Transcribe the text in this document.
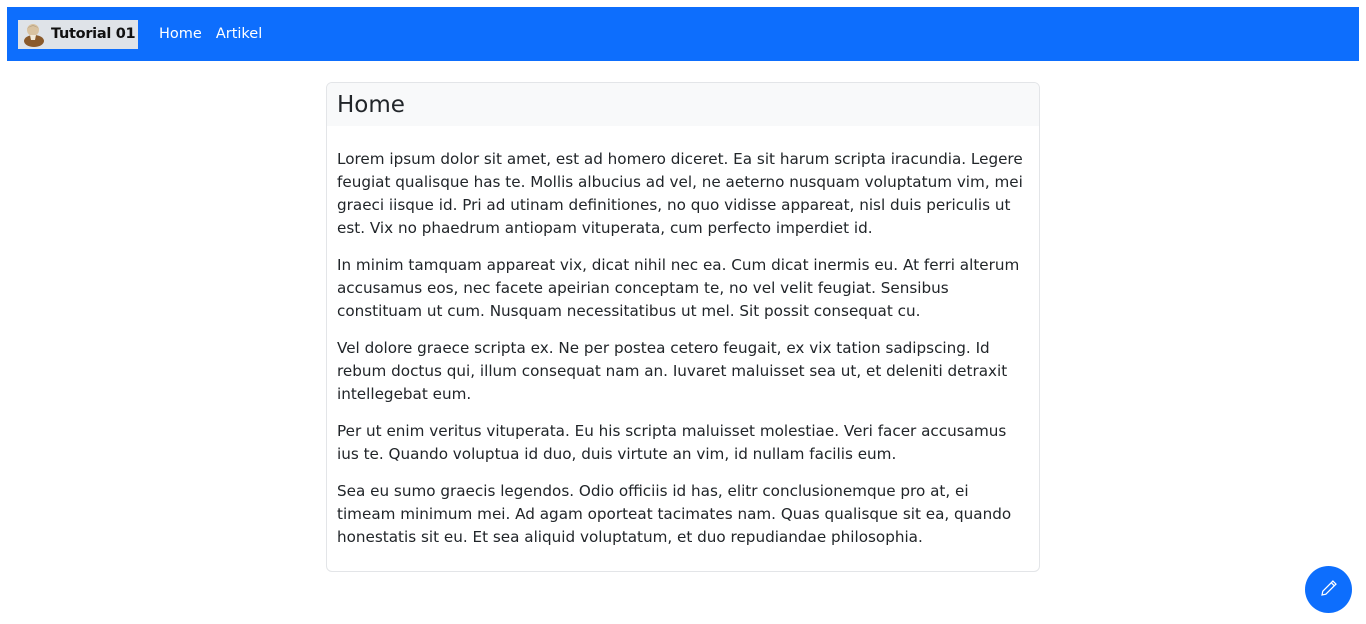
Tutorial 01 Home Artikel
Home

Lorem ipsum dolor sit amet, est ad homero diceret. Ea sit harum scripta iracundia. Legere feugiat qualisque has te. Mollis albucius ad vel, ne aeterno nusquam voluptatum vim, mei graeci iisque id. Pri ad utinam definitiones, no quo vidisse appareat, nisl duis periculis ut est. Vix no phaedrum antiopam vituperata, cum perfecto imperdiet id.

In minim tamquam appareat vix, dicat nihil nec ea. Cum dicat inermis eu. At ferri alterum accusamus eos, nec facete apeirian conceptam te, no vel velit feugiat. Sensibus constituam ut cum. Nusquam necessitatibus ut mel. Sit possit consequat cu.

Vel dolore graece scripta ex. Ne per postea cetero feugait, ex vix tation sadipscing. Id rebum doctus qui, illum consequat nam an. Iuvaret maluisset sea ut, et deleniti detraxit intellegebat eum.

Per ut enim veritus vituperata. Eu his scripta maluisset molestiae. Veri facer accusamus ius te. Quando voluptua id duo, duis virtute an vim, id nullam facilis eum.

Sea eu sumo graecis legendos. Odio officiis id has, elitr conclusionemque pro at, ei timeam minimum mei. Ad agam oporteat tacimates nam. Quas qualisque sit ea, quando honestatis sit eu. Et sea aliquid voluptatum, et duo repudiandae philosophia.
